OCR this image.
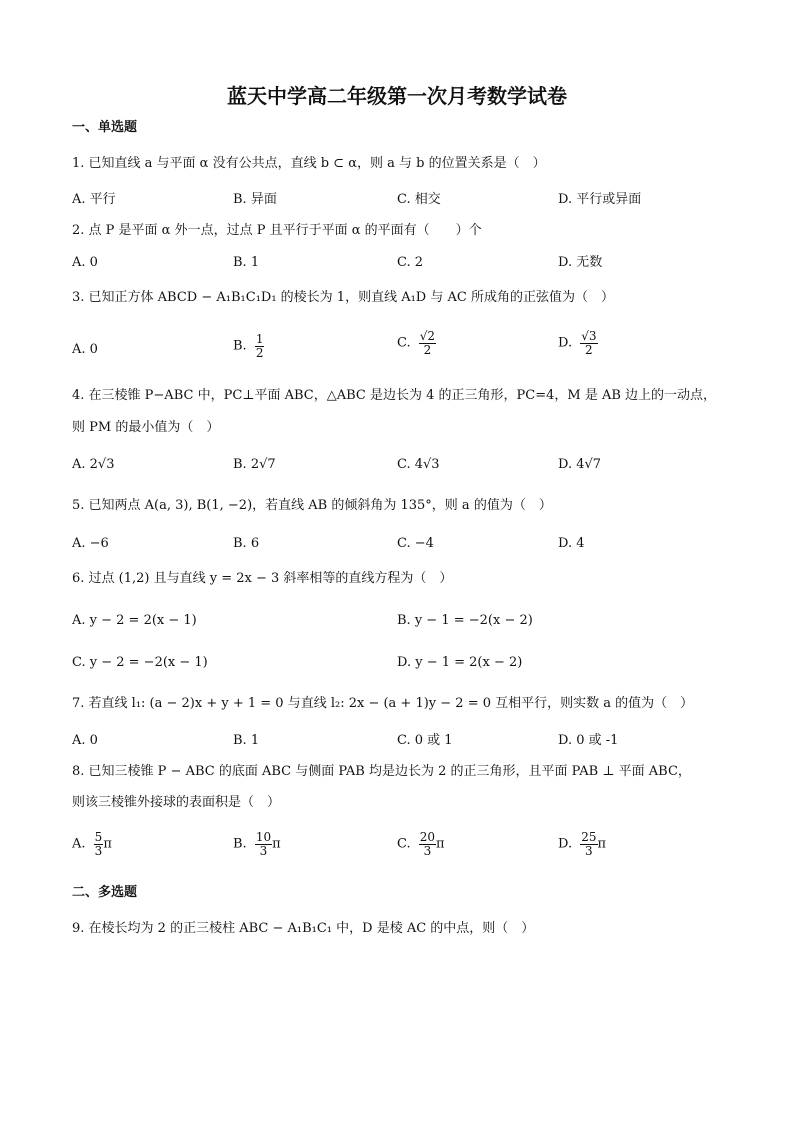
蓝天中学高二年级第一次月考数学试卷
一、单选题
1. 已知直线 a 与平面 α 没有公共点，直线 b ⊂ α，则 a 与 b 的位置关系是（　）
A. 平行	B. 异面	C. 相交	D. 平行或异面
2. 点 P 是平面 α 外一点，过点 P 且平行于平面 α 的平面有（　　）个
A. 0	B. 1	C. 2	D. 无数
3. 已知正方体 ABCD − A₁B₁C₁D₁ 的棱长为 1，则直线 A₁D 与 AC 所成角的正弦值为（　）
A. 0	B. $\frac{1}{2}$	C. $\frac{√2}{2}$	D. $\frac{√3}{2}$
4. 在三棱锥 P−ABC 中，PC⊥平面 ABC，△ABC 是边长为 4 的正三角形，PC=4，M 是 AB 边上的一动点，
则 PM 的最小值为（　）
A. 2√3	B. 2√7	C. 4√3	D. 4√7
5. 已知两点 A(a, 3), B(1, −2)，若直线 AB 的倾斜角为 135°，则 a 的值为（　）
A. −6	B. 6	C. −4	D. 4
6. 过点 (1,2) 且与直线 y = 2x − 3 斜率相等的直线方程为（　）
A. y − 2 = 2(x − 1)	B. y − 1 = −2(x − 2)
C. y − 2 = −2(x − 1)	D. y − 1 = 2(x − 2)
7. 若直线 l₁: (a − 2)x + y + 1 = 0 与直线 l₂: 2x − (a + 1)y − 2 = 0 互相平行，则实数 a 的值为（　）
A. 0	B. 1	C. 0 或 1	D. 0 或 -1
8. 已知三棱锥 P − ABC 的底面 ABC 与侧面 PAB 均是边长为 2 的正三角形，且平面 PAB ⊥ 平面 ABC，
则该三棱锥外接球的表面积是（　）
A. $\frac{5}{3}$ π	B. $\frac{10}{3}$ π	C. $\frac{20}{3}$ π	D. $\frac{25}{3}$ π
二、多选题
9. 在棱长均为 2 的正三棱柱 ABC − A₁B₁C₁ 中，D 是棱 AC 的中点，则（　）
